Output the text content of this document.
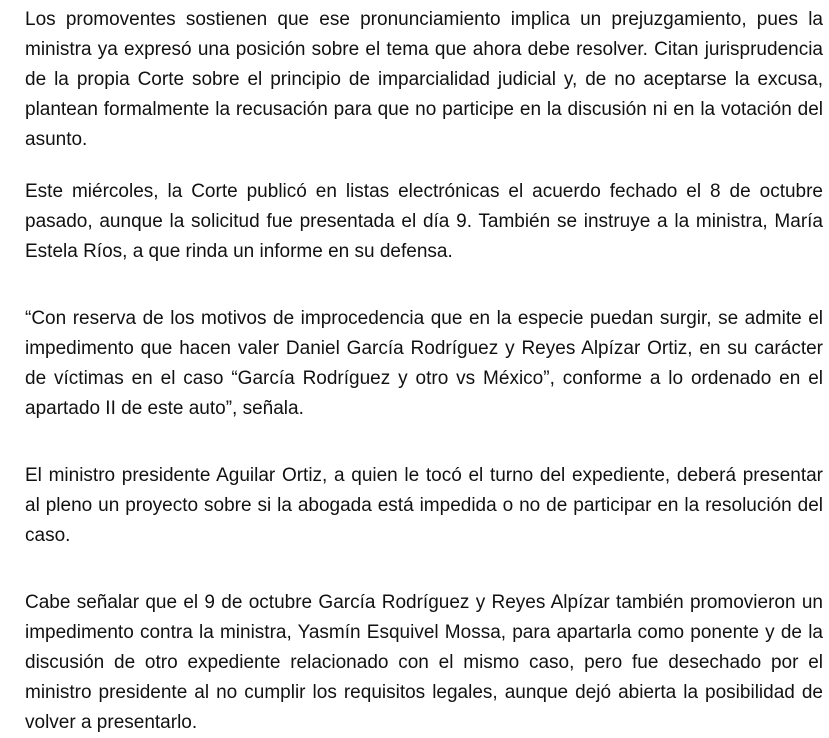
Los promoventes sostienen que ese pronunciamiento implica un prejuzgamiento, pues la ministra ya expresó una posición sobre el tema que ahora debe resolver. Citan jurisprudencia de la propia Corte sobre el principio de imparcialidad judicial y, de no aceptarse la excusa, plantean formalmente la recusación para que no participe en la discusión ni en la votación del asunto.

Este miércoles, la Corte publicó en listas electrónicas el acuerdo fechado el 8 de octubre pasado, aunque la solicitud fue presentada el día 9. También se instruye a la ministra, María Estela Ríos, a que rinda un informe en su defensa.

“Con reserva de los motivos de improcedencia que en la especie puedan surgir, se admite el impedimento que hacen valer Daniel García Rodríguez y Reyes Alpízar Ortiz, en su carácter de víctimas en el caso “García Rodríguez y otro vs México”, conforme a lo ordenado en el apartado II de este auto”, señala.

El ministro presidente Aguilar Ortiz, a quien le tocó el turno del expediente, deberá presentar al pleno un proyecto sobre si la abogada está impedida o no de participar en la resolución del caso.

Cabe señalar que el 9 de octubre García Rodríguez y Reyes Alpízar también promovieron un impedimento contra la ministra, Yasmín Esquivel Mossa, para apartarla como ponente y de la discusión de otro expediente relacionado con el mismo caso, pero fue desechado por el ministro presidente al no cumplir los requisitos legales, aunque dejó abierta la posibilidad de volver a presentarlo.
